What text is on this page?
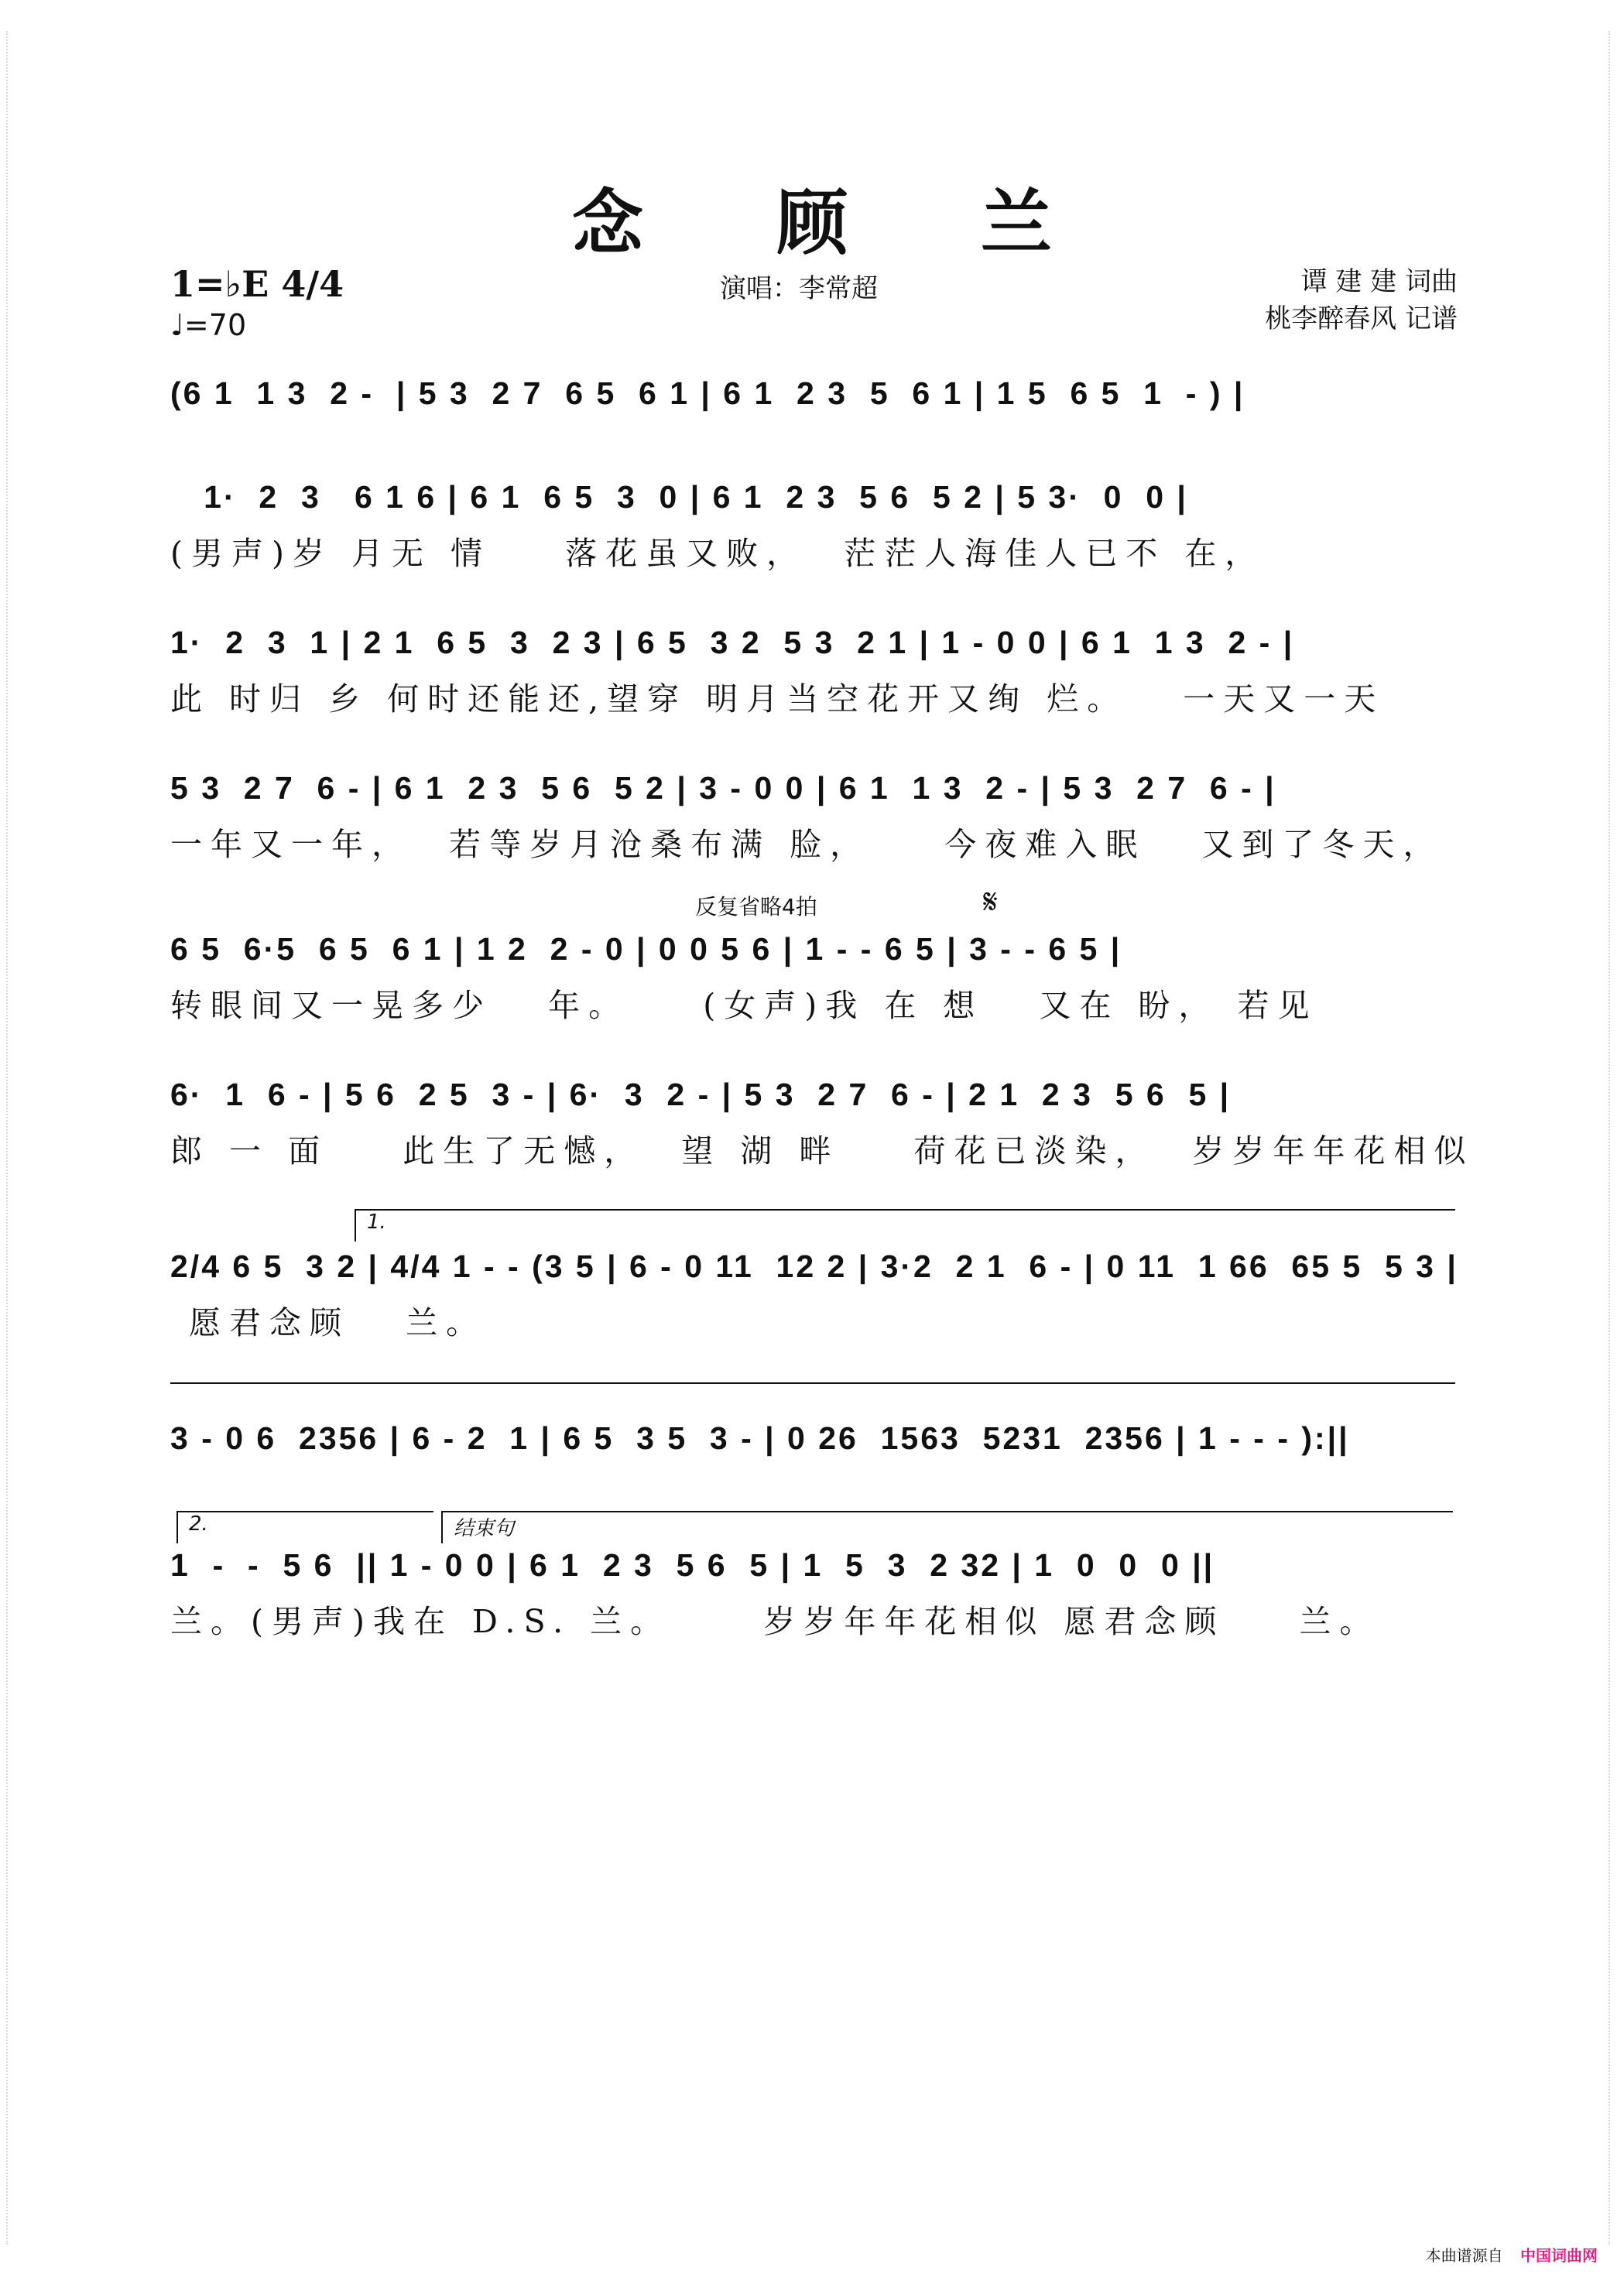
念 顾 兰
1=♭E 4/4
♩=70
演唱：李常超	谭 建 建 词曲
桃李醉春风 记谱
(6 1  1 3  2 -  | 5 3  2 7  6 5  6 1 | 6 1  2 3  5  6 1 | 1 5  6 5  1  - ) |
1·  2  3   6 1 6 | 6 1  6 5  3  0 | 6 1  2 3  5 6  5 2 | 5 3·  0  0 |
(男声)岁 月无 情    落花虽又败，  茫茫人海佳人已不 在，
1·  2  3  1 | 2 1  6 5  3  2 3 | 6 5  3 2  5 3  2 1 | 1 - 0 0 | 6 1  1 3  2 - |
此 时归 乡 何时还能还,望穿 明月当空花开又绚 烂。   一天又一天
5 3  2 7  6 - | 6 1  2 3  5 6  5 2 | 3 - 0 0 | 6 1  1 3  2 - | 5 3  2 7  6 - |
一年又一年，  若等岁月沧桑布满 脸，    今夜难入眠   又到了冬天，
反复省略4拍	𝄋
6 5  6·5  6 5  6 1 | 1 2  2 - 0 | 0 0 5 6 | 1 - - 6 5 | 3 - - 6 5 |
转眼间又一晃多少   年。    (女声)我 在 想   又在 盼， 若见
6·  1  6 - | 5 6  2 5  3 - | 6·  3  2 - | 5 3  2 7  6 - | 2 1  2 3  5 6  5 |
郎 一 面    此生了无憾，  望 湖 畔    荷花已淡染，  岁岁年年花相似
1.
2/4 6 5  3 2 | 4/4 1 - - (3 5 | 6 - 0 11  12 2 | 3·2  2 1  6 - | 0 11  1 66  65 5  5 3 |
愿君念顾   兰。
3 - 0 6  2356 | 6 - 2  1 | 6 5  3 5  3 - | 0 26  1563  5231  2356 | 1 - - - ):||
2.	结束句
1  -  -  5 6  || 1 - 0 0 | 6 1  2 3  5 6  5 | 1  5  3  2 32 | 1  0  0  0 ||
兰。(男声)我在 D.S. 兰。     岁岁年年花相似 愿君念顾    兰。
本曲谱源自 中国词曲网
